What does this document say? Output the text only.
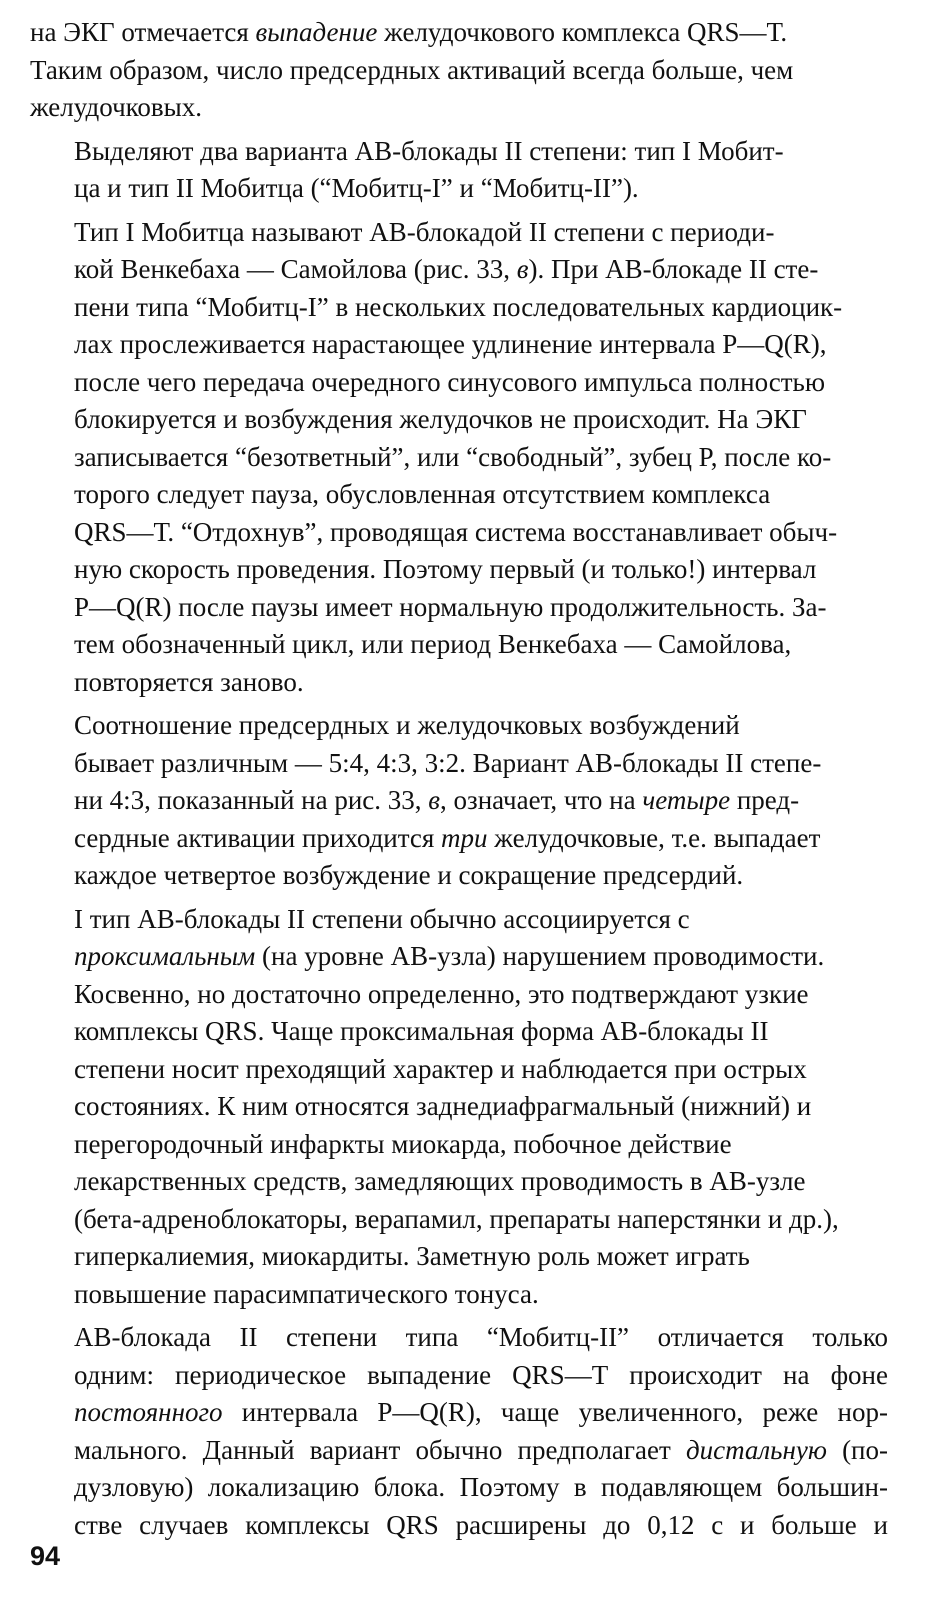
на ЭКГ отмечается выпадение желудочкового комплекса QRS—Т.
Таким образом, число предсердных активаций всегда больше, чем
желудочковых.

Выделяют два варианта АВ-блокады II степени: тип I Мобит-
ца и тип II Мобитца (“Мобитц-I” и “Мобитц-II”).

Тип I Мобитца называют АВ-блокадой II степени с периоди-
кой Венкебаха — Самойлова (рис. 33, в). При АВ-блокаде II сте-
пени типа “Мобитц-I” в нескольких последовательных кардиоцик-
лах прослеживается нарастающее удлинение интервала P—Q(R),
после чего передача очередного синусового импульса полностью
блокируется и возбуждения желудочков не происходит. На ЭКГ
записывается “безответный”, или “свободный”, зубец P, после ко-
торого следует пауза, обусловленная отсутствием комплекса
QRS—Т. “Отдохнув”, проводящая система восстанавливает обыч-
ную скорость проведения. Поэтому первый (и только!) интервал
P—Q(R) после паузы имеет нормальную продолжительность. За-
тем обозначенный цикл, или период Венкебаха — Самойлова,
повторяется заново.

Соотношение предсердных и желудочковых возбуждений
бывает различным — 5:4, 4:3, 3:2. Вариант АВ-блокады II степе-
ни 4:3, показанный на рис. 33, в, означает, что на четыре пред-
сердные активации приходится три желудочковые, т.е. выпадает
каждое четвертое возбуждение и сокращение предсердий.

I тип АВ-блокады II степени обычно ассоциируется с
проксимальным (на уровне АВ-узла) нарушением проводимости.
Косвенно, но достаточно определенно, это подтверждают узкие
комплексы QRS. Чаще проксимальная форма АВ-блокады II
степени носит преходящий характер и наблюдается при острых
состояниях. К ним относятся заднедиафрагмальный (нижний) и
перегородочный инфаркты миокарда, побочное действие
лекарственных средств, замедляющих проводимость в АВ-узле
(бета-адреноблокаторы, верапамил, препараты наперстянки и др.),
гиперкалиемия, миокардиты. Заметную роль может играть
повышение парасимпатического тонуса.

АВ-блокада II степени типа “Мобитц-II” отличается только
одним: периодическое выпадение QRS—Т происходит на фоне
постоянного интервала P—Q(R), чаще увеличенного, реже нор-
мального. Данный вариант обычно предполагает дистальную (по-
дузловую) локализацию блока. Поэтому в подавляющем большин-
стве случаев комплексы QRS расширены до 0,12 с и больше и

94
